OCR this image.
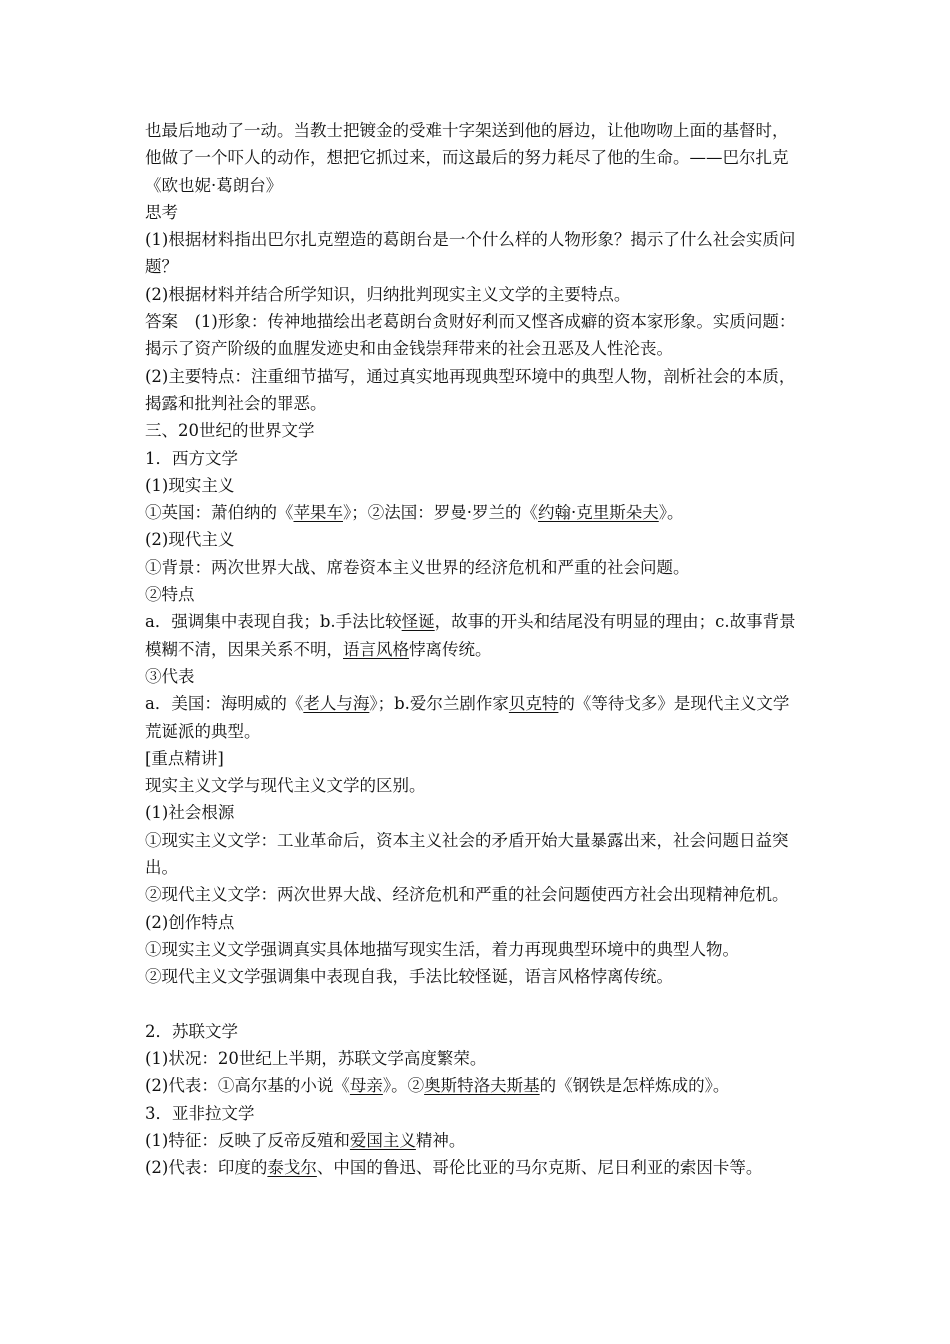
也最后地动了一动。当教士把镀金的受难十字架送到他的唇边，让他吻吻上面的基督时，
他做了一个吓人的动作，想把它抓过来，而这最后的努力耗尽了他的生命。——巴尔扎克
《欧也妮·葛朗台》
思考
(1)根据材料指出巴尔扎克塑造的葛朗台是一个什么样的人物形象？揭示了什么社会实质问
题？
(2)根据材料并结合所学知识，归纳批判现实主义文学的主要特点。
答案　(1)形象：传神地描绘出老葛朗台贪财好利而又悭吝成癖的资本家形象。实质问题：
揭示了资产阶级的血腥发迹史和由金钱崇拜带来的社会丑恶及人性沦丧。
(2)主要特点：注重细节描写，通过真实地再现典型环境中的典型人物，剖析社会的本质，
揭露和批判社会的罪恶。
三、20世纪的世界文学
1．西方文学
(1)现实主义
①英国：萧伯纳的《苹果车》；②法国：罗曼·罗兰的《约翰·克里斯朵夫》。
(2)现代主义
①背景：两次世界大战、席卷资本主义世界的经济危机和严重的社会问题。
②特点
a．强调集中表现自我；b.手法比较怪诞，故事的开头和结尾没有明显的理由；c.故事背景
模糊不清，因果关系不明，语言风格悖离传统。
③代表
a．美国：海明威的《老人与海》；b.爱尔兰剧作家贝克特的《等待戈多》是现代主义文学
荒诞派的典型。
[重点精讲]
现实主义文学与现代主义文学的区别。
(1)社会根源
①现实主义文学：工业革命后，资本主义社会的矛盾开始大量暴露出来，社会问题日益突
出。
②现代主义文学：两次世界大战、经济危机和严重的社会问题使西方社会出现精神危机。
(2)创作特点
①现实主义文学强调真实具体地描写现实生活，着力再现典型环境中的典型人物。
②现代主义文学强调集中表现自我，手法比较怪诞，语言风格悖离传统。
2．苏联文学
(1)状况：20世纪上半期，苏联文学高度繁荣。
(2)代表：①高尔基的小说《母亲》。②奥斯特洛夫斯基的《钢铁是怎样炼成的》。
3．亚非拉文学
(1)特征：反映了反帝反殖和爱国主义精神。
(2)代表：印度的泰戈尔、中国的鲁迅、哥伦比亚的马尔克斯、尼日利亚的索因卡等。
